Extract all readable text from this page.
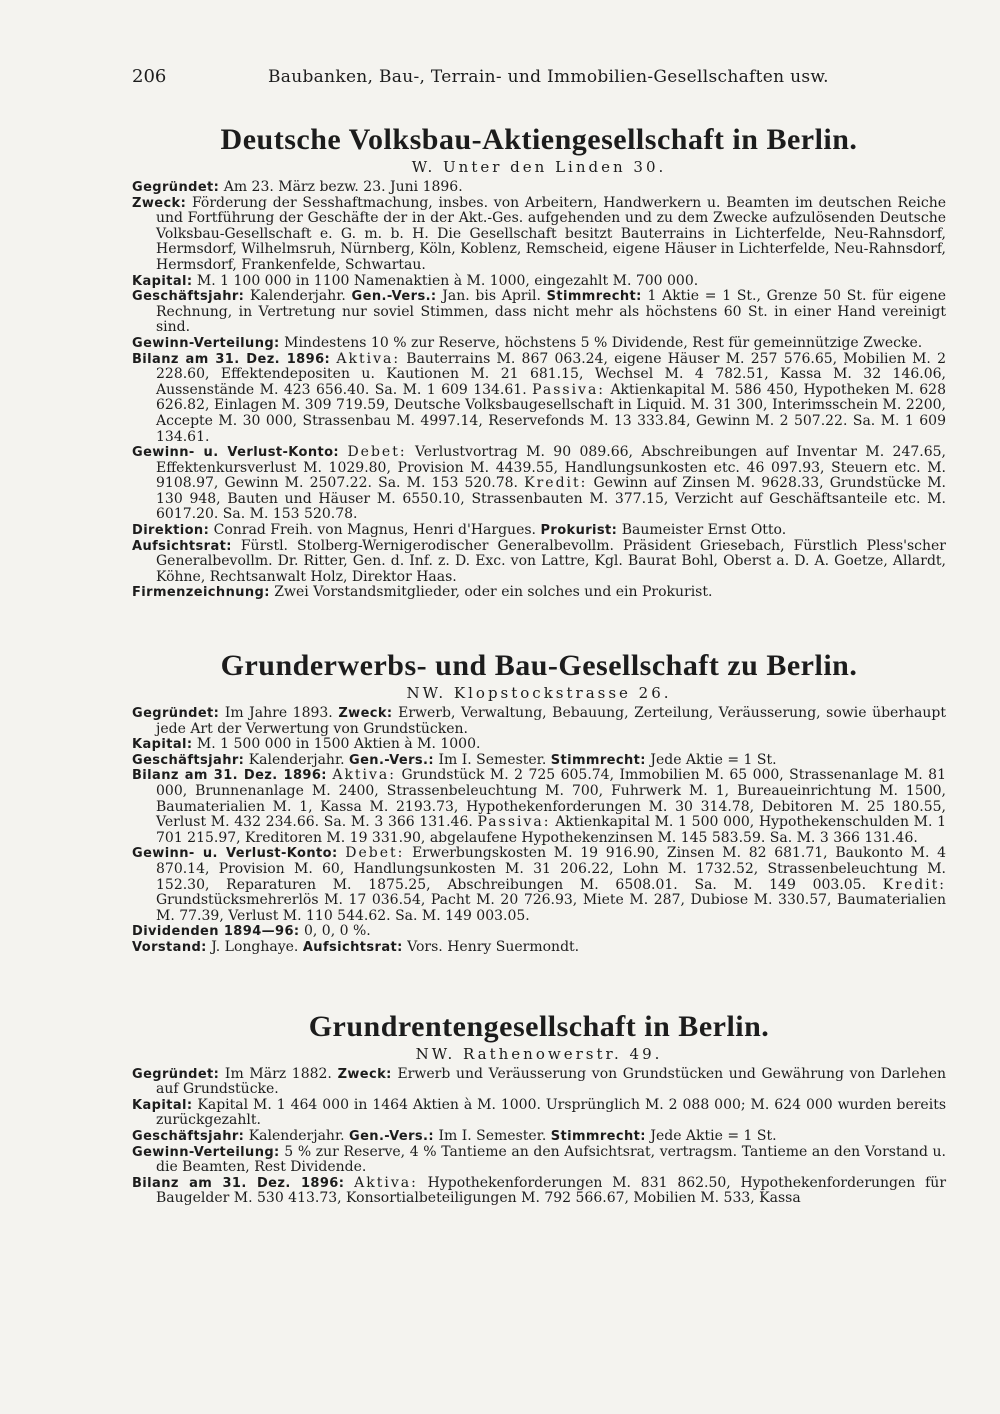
206	Baubanken, Bau-, Terrain- und Immobilien-Gesellschaften usw.
Deutsche Volksbau-Aktiengesellschaft in Berlin.
W. Unter den Linden 30.

Gegründet: Am 23. März bezw. 23. Juni 1896.

Zweck: Förderung der Sesshaftmachung, insbes. von Arbeitern, Handwerkern u. Beamten im deutschen Reiche und Fortführung der Geschäfte der in der Akt.-Ges. aufgehenden und zu dem Zwecke aufzulösenden Deutsche Volksbau-Gesellschaft e. G. m. b. H. Die Gesellschaft besitzt Bauterrains in Lichterfelde, Neu-Rahnsdorf, Hermsdorf, Wilhelmsruh, Nürnberg, Köln, Koblenz, Remscheid, eigene Häuser in Lichterfelde, Neu-Rahnsdorf, Hermsdorf, Frankenfelde, Schwartau.

Kapital: M. 1 100 000 in 1100 Namenaktien à M. 1000, eingezahlt M. 700 000.

Geschäftsjahr: Kalenderjahr. Gen.-Vers.: Jan. bis April. Stimmrecht: 1 Aktie = 1 St., Grenze 50 St. für eigene Rechnung, in Vertretung nur soviel Stimmen, dass nicht mehr als höchstens 60 St. in einer Hand vereinigt sind.

Gewinn-Verteilung: Mindestens 10 % zur Reserve, höchstens 5 % Dividende, Rest für gemeinnützige Zwecke.

Bilanz am 31. Dez. 1896: Aktiva: Bauterrains M. 867 063.24, eigene Häuser M. 257 576.65, Mobilien M. 2 228.60, Effektendepositen u. Kautionen M. 21 681.15, Wechsel M. 4 782.51, Kassa M. 32 146.06, Aussenstände M. 423 656.40. Sa. M. 1 609 134.61. Passiva: Aktienkapital M. 586 450, Hypotheken M. 628 626.82, Einlagen M. 309 719.59, Deutsche Volksbaugesellschaft in Liquid. M. 31 300, Interimsschein M. 2200, Accepte M. 30 000, Strassenbau M. 4997.14, Reservefonds M. 13 333.84, Gewinn M. 2 507.22. Sa. M. 1 609 134.61.

Gewinn- u. Verlust-Konto: Debet: Verlustvortrag M. 90 089.66, Abschreibungen auf Inventar M. 247.65, Effektenkursverlust M. 1029.80, Provision M. 4439.55, Handlungsunkosten etc. 46 097.93, Steuern etc. M. 9108.97, Gewinn M. 2507.22. Sa. M. 153 520.78. Kredit: Gewinn auf Zinsen M. 9628.33, Grundstücke M. 130 948, Bauten und Häuser M. 6550.10, Strassenbauten M. 377.15, Verzicht auf Geschäftsanteile etc. M. 6017.20. Sa. M. 153 520.78.

Direktion: Conrad Freih. von Magnus, Henri d'Hargues. Prokurist: Baumeister Ernst Otto.

Aufsichtsrat: Fürstl. Stolberg-Wernigerodischer Generalbevollm. Präsident Griesebach, Fürstlich Pless'scher Generalbevollm. Dr. Ritter, Gen. d. Inf. z. D. Exc. von Lattre, Kgl. Baurat Bohl, Oberst a. D. A. Goetze, Allardt, Köhne, Rechtsanwalt Holz, Direktor Haas.

Firmenzeichnung: Zwei Vorstandsmitglieder, oder ein solches und ein Prokurist.

Grunderwerbs- und Bau-Gesellschaft zu Berlin.
NW. Klopstockstrasse 26.

Gegründet: Im Jahre 1893. Zweck: Erwerb, Verwaltung, Bebauung, Zerteilung, Veräusserung, sowie überhaupt jede Art der Verwertung von Grundstücken.

Kapital: M. 1 500 000 in 1500 Aktien à M. 1000.

Geschäftsjahr: Kalenderjahr. Gen.-Vers.: Im I. Semester. Stimmrecht: Jede Aktie = 1 St.

Bilanz am 31. Dez. 1896: Aktiva: Grundstück M. 2 725 605.74, Immobilien M. 65 000, Strassenanlage M. 81 000, Brunnenanlage M. 2400, Strassenbeleuchtung M. 700, Fuhrwerk M. 1, Bureaueinrichtung M. 1500, Baumaterialien M. 1, Kassa M. 2193.73, Hypothekenforderungen M. 30 314.78, Debitoren M. 25 180.55, Verlust M. 432 234.66. Sa. M. 3 366 131.46. Passiva: Aktienkapital M. 1 500 000, Hypothekenschulden M. 1 701 215.97, Kreditoren M. 19 331.90, abgelaufene Hypothekenzinsen M. 145 583.59. Sa. M. 3 366 131.46.

Gewinn- u. Verlust-Konto: Debet: Erwerbungskosten M. 19 916.90, Zinsen M. 82 681.71, Baukonto M. 4 870.14, Provision M. 60, Handlungsunkosten M. 31 206.22, Lohn M. 1732.52, Strassenbeleuchtung M. 152.30, Reparaturen M. 1875.25, Abschreibungen M. 6508.01. Sa. M. 149 003.05. Kredit: Grundstücksmehrerlös M. 17 036.54, Pacht M. 20 726.93, Miete M. 287, Dubiose M. 330.57, Baumaterialien M. 77.39, Verlust M. 110 544.62. Sa. M. 149 003.05.

Dividenden 1894—96: 0, 0, 0 %.

Vorstand: J. Longhaye. Aufsichtsrat: Vors. Henry Suermondt.

Grundrentengesellschaft in Berlin.
NW. Rathenowerstr. 49.

Gegründet: Im März 1882. Zweck: Erwerb und Veräusserung von Grundstücken und Gewährung von Darlehen auf Grundstücke.

Kapital: Kapital M. 1 464 000 in 1464 Aktien à M. 1000. Ursprünglich M. 2 088 000; M. 624 000 wurden bereits zurückgezahlt.

Geschäftsjahr: Kalenderjahr. Gen.-Vers.: Im I. Semester. Stimmrecht: Jede Aktie = 1 St.

Gewinn-Verteilung: 5 % zur Reserve, 4 % Tantieme an den Aufsichtsrat, vertragsm. Tantieme an den Vorstand u. die Beamten, Rest Dividende.

Bilanz am 31. Dez. 1896: Aktiva: Hypothekenforderungen M. 831 862.50, Hypothekenforderungen für Baugelder M. 530 413.73, Konsortialbeteiligungen M. 792 566.67, Mobilien M. 533, Kassa
